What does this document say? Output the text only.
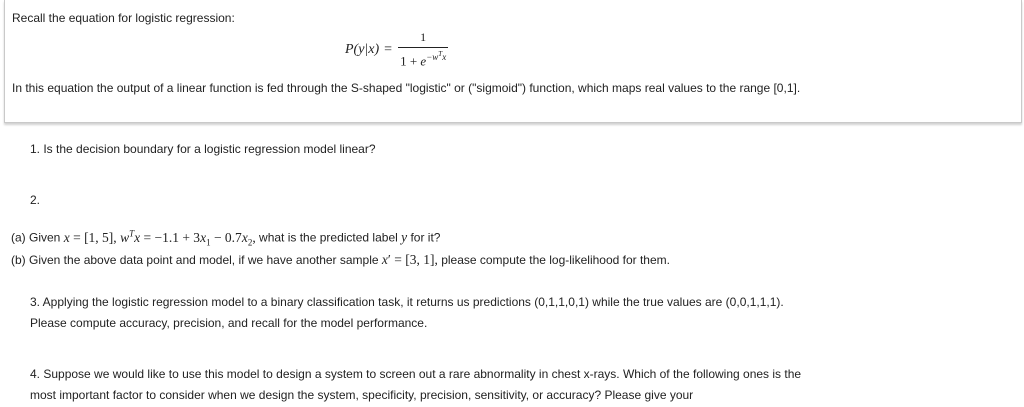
Recall the equation for logistic regression:
$P(y|x) = \frac{1}{1 + e^{-w^Tx}}$
In this equation the output of a linear function is fed through the S-shaped "logistic" or ("sigmoid") function, which maps real values to the range [0,1].
1. Is the decision boundary for a logistic regression model linear?
2.
(a) Given x = [1, 5], $w^Tx = -1.1 + 3x_1 - 0.7x_2$, what is the predicted label y for it?
(b) Given the above data point and model, if we have another sample x′ = [3, 1], please compute the log-likelihood for them.
3. Applying the logistic regression model to a binary classification task, it returns us predictions (0,1,1,0,1) while the true values are (0,0,1,1,1). Please compute accuracy, precision, and recall for the model performance.
4. Suppose we would like to use this model to design a system to screen out a rare abnormality in chest x-rays. Which of the following ones is the most important factor to consider when we design the system, specificity, precision, sensitivity, or accuracy? Please give your
